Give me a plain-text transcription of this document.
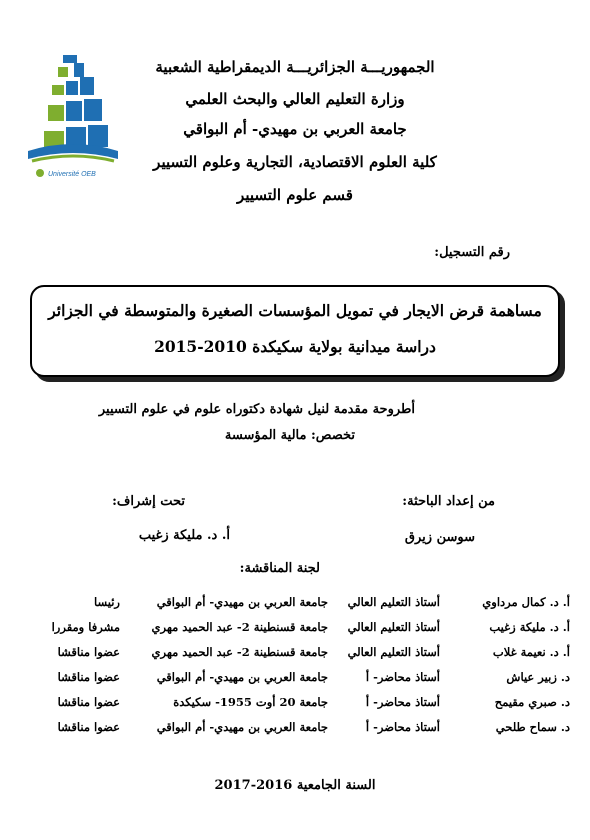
الجمهوريـــة الجزائريـــة الديمقراطية الشعبية
وزارة التعليم العالي والبحث العلمي
جامعة العربي بن مهيدي- أم البواقي
كلية العلوم الاقتصادية، التجارية وعلوم التسيير
قسم علوم التسيير
Université OEB
رقم التسجيل:
مساهمة قرض الايجار في تمويل المؤسسات الصغيرة والمتوسطة في الجزائر
دراسة ميدانية بولاية سكيكدة 2010-2015
أطروحة مقدمة لنيل شهادة دكتوراه علوم في علوم التسيير
تخصص: مالية المؤسسة
من إعداد الباحثة:
تحت إشراف:
سوسن زيرق
أ. د. مليكة زغيب
لجنة المناقشة:
أ. د. كمال مرداوي
أستاذ التعليم العالي
جامعة العربي بن مهيدي- أم البواقي
رئيسا
أ. د. مليكة زغيب
أستاذ التعليم العالي
جامعة قسنطينة 2- عبد الحميد مهري
مشرفا ومقررا
أ. د. نعيمة غلاب
أستاذ التعليم العالي
جامعة قسنطينة 2- عبد الحميد مهري
عضوا مناقشا
د. زبير عياش
أستاذ محاضر- أ
جامعة العربي بن مهيدي- أم البواقي
عضوا مناقشا
د. صبري مقيمح
أستاذ محاضر- أ
جامعة 20 أوت 1955- سكيكدة
عضوا مناقشا
د. سماح طلحي
أستاذ محاضر- أ
جامعة العربي بن مهيدي- أم البواقي
عضوا مناقشا
السنة الجامعية 2016-2017
